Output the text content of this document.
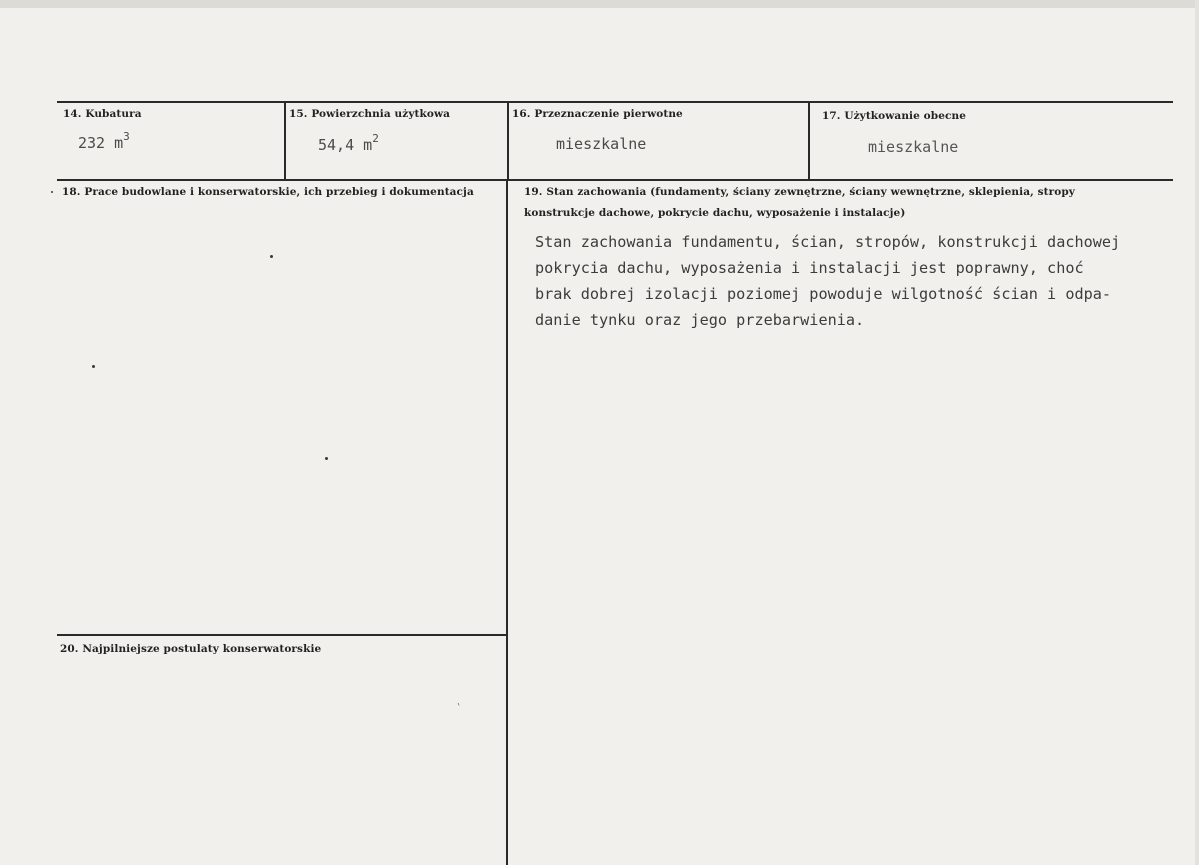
14. Kubatura
232 $m^3$
15. Powierzchnia użytkowa
54,4 $m^2$
16. Przeznaczenie pierwotne
mieszkalne
17. Użytkowanie obecne
mieszkalne
18. Prace budowlane i konserwatorskie, ich przebieg i dokumentacja	19. Stan zachowania (fundamenty, ściany zewnętrzne, ściany wewnętrzne, sklepienia, stropy
konstrukcje dachowe, pokrycie dachu, wyposażenie i instalacje)
Stan zachowania fundamentu, ścian, stropów, konstrukcji dachowej
pokrycia dachu, wyposażenia i instalacji jest poprawny, choć
brak dobrej izolacji poziomej powoduje wilgotność ścian i odpa-
danie tynku oraz jego przebarwienia.
20. Najpilniejsze postulaty konserwatorskie
ˎ
